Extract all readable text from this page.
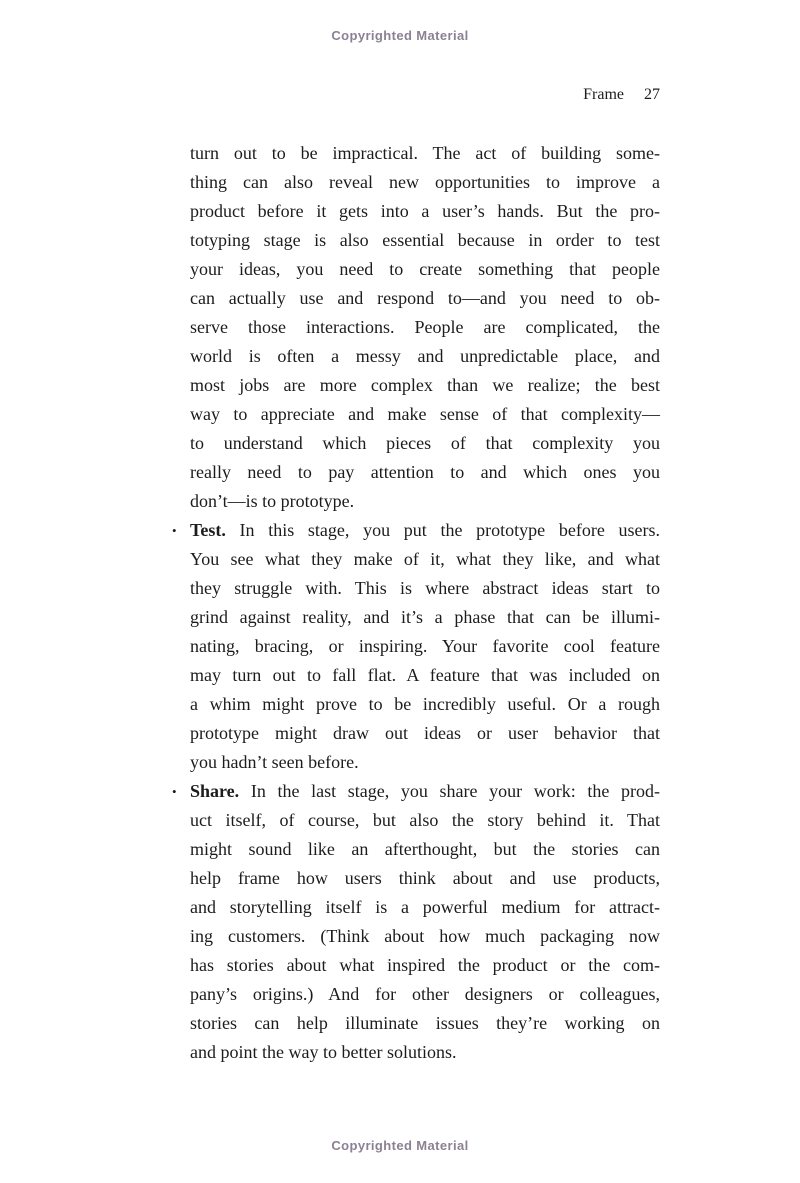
Copyrighted Material
Frame 27
turn out to be impractical. The act of building some-
thing can also reveal new opportunities to improve a
product before it gets into a user’s hands. But the pro-
totyping stage is also essential because in order to test
your ideas, you need to create something that people
can actually use and respond to—and you need to ob-
serve those interactions. People are complicated, the
world is often a messy and unpredictable place, and
most jobs are more complex than we realize; the best
way to appreciate and make sense of that complexity—
to understand which pieces of that complexity you
really need to pay attention to and which ones you
don’t—is to prototype.
• Test. In this stage, you put the prototype before users.
You see what they make of it, what they like, and what
they struggle with. This is where abstract ideas start to
grind against reality, and it’s a phase that can be illumi-
nating, bracing, or inspiring. Your favorite cool feature
may turn out to fall flat. A feature that was included on
a whim might prove to be incredibly useful. Or a rough
prototype might draw out ideas or user behavior that
you hadn’t seen before.
• Share. In the last stage, you share your work: the prod-
uct itself, of course, but also the story behind it. That
might sound like an afterthought, but the stories can
help frame how users think about and use products,
and storytelling itself is a powerful medium for attract-
ing customers. (Think about how much packaging now
has stories about what inspired the product or the com-
pany’s origins.) And for other designers or colleagues,
stories can help illuminate issues they’re working on
and point the way to better solutions.
Copyrighted Material
